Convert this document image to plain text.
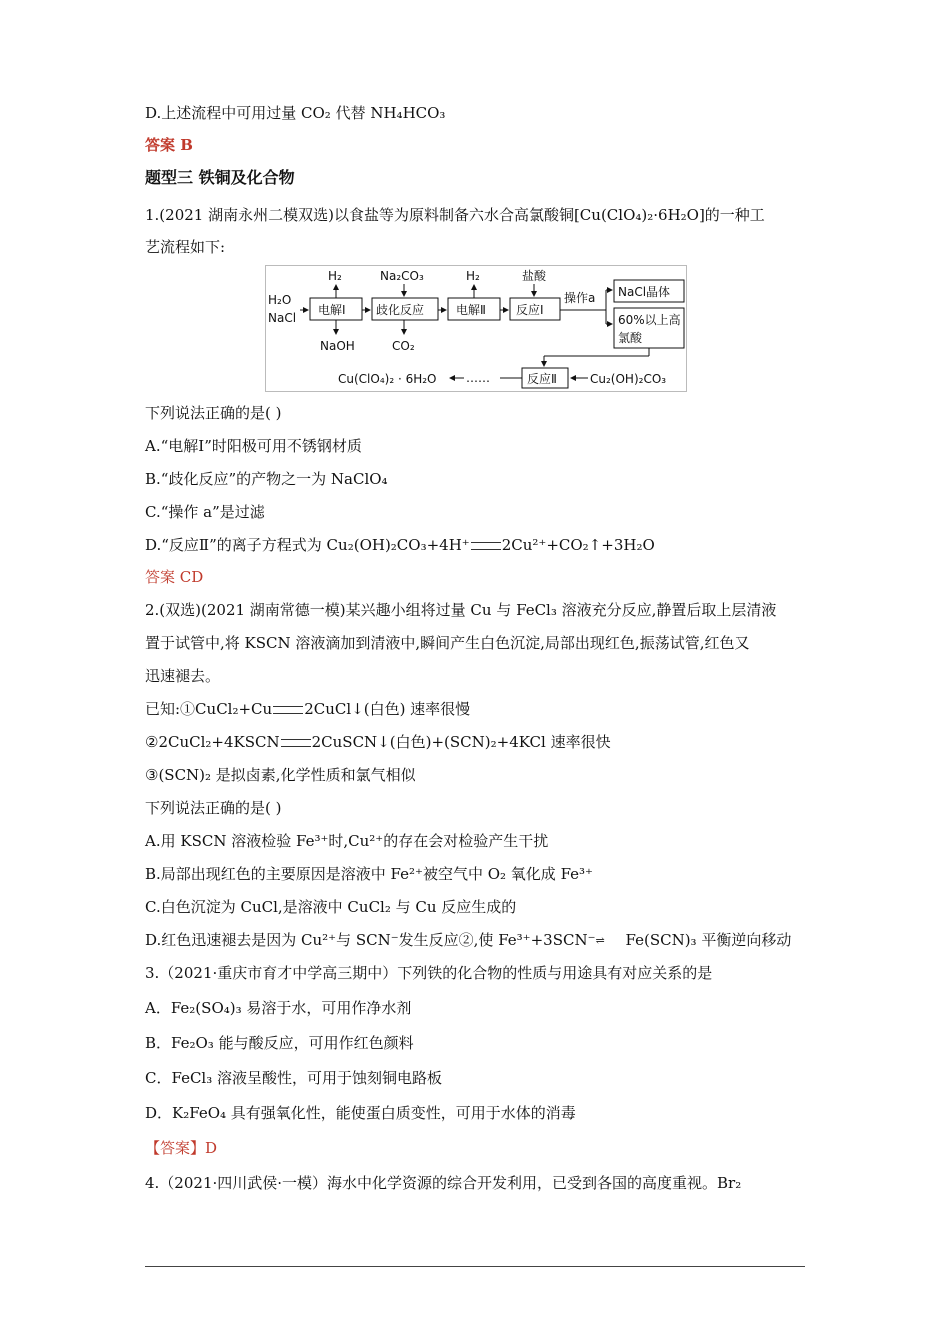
D.上述流程中可用过量 CO₂ 代替 NH₄HCO₃
答案 B
题型三 铁铜及化合物
1.(2021 湖南永州二模双选)以食盐等为原料制备六水合高氯酸铜[Cu(ClO₄)₂·6H₂O]的一种工
艺流程如下:
H₂O
NaCl
电解Ⅰ	歧化反应	电解Ⅱ	反应Ⅰ
H₂	Na₂CO₃	H₂	盐酸
NaOH	CO₂
操作a NaCl晶体
60%以上高
氯酸
反应Ⅱ	Cu₂(OH)₂CO₃
……
Cu(ClO₄)₂ · 6H₂O
下列说法正确的是( )
A.“电解Ⅰ”时阳极可用不锈钢材质
B.“歧化反应”的产物之一为 NaClO₄
C.“操作 a”是过滤
D.“反应Ⅱ”的离子方程式为 Cu₂(OH)₂CO₃+4H⁺ 2Cu²⁺+CO₂↑+3H₂O
答案 CD
2.(双选)(2021 湖南常德一模)某兴趣小组将过量 Cu 与 FeCl₃ 溶液充分反应,静置后取上层清液
置于试管中,将 KSCN 溶液滴加到清液中,瞬间产生白色沉淀,局部出现红色,振荡试管,红色又
迅速褪去。
已知:①CuCl₂+Cu 2CuCl↓(白色) 速率很慢
②2CuCl₂+4KSCN 2CuSCN↓(白色)+(SCN)₂+4KCl 速率很快
③(SCN)₂ 是拟卤素,化学性质和氯气相似
下列说法正确的是( )
A.用 KSCN 溶液检验 Fe³⁺时,Cu²⁺的存在会对检验产生干扰
B.局部出现红色的主要原因是溶液中 Fe²⁺被空气中 O₂ 氧化成 Fe³⁺
C.白色沉淀为 CuCl,是溶液中 CuCl₂ 与 Cu 反应生成的
D.红色迅速褪去是因为 Cu²⁺与 SCN⁻发生反应②,使 Fe³⁺+3SCN⁻⇌ Fe(SCN)₃ 平衡逆向移动
3.（2021·重庆市育才中学高三期中）下列铁的化合物的性质与用途具有对应关系的是
A．Fe₂(SO₄)₃ 易溶于水，可用作净水剂
B．Fe₂O₃ 能与酸反应，可用作红色颜料
C．FeCl₃ 溶液呈酸性，可用于蚀刻铜电路板
D．K₂FeO₄ 具有强氧化性，能使蛋白质变性，可用于水体的消毒
【答案】D
4.（2021·四川武侯·一模）海水中化学资源的综合开发利用，已受到各国的高度重视。Br₂
